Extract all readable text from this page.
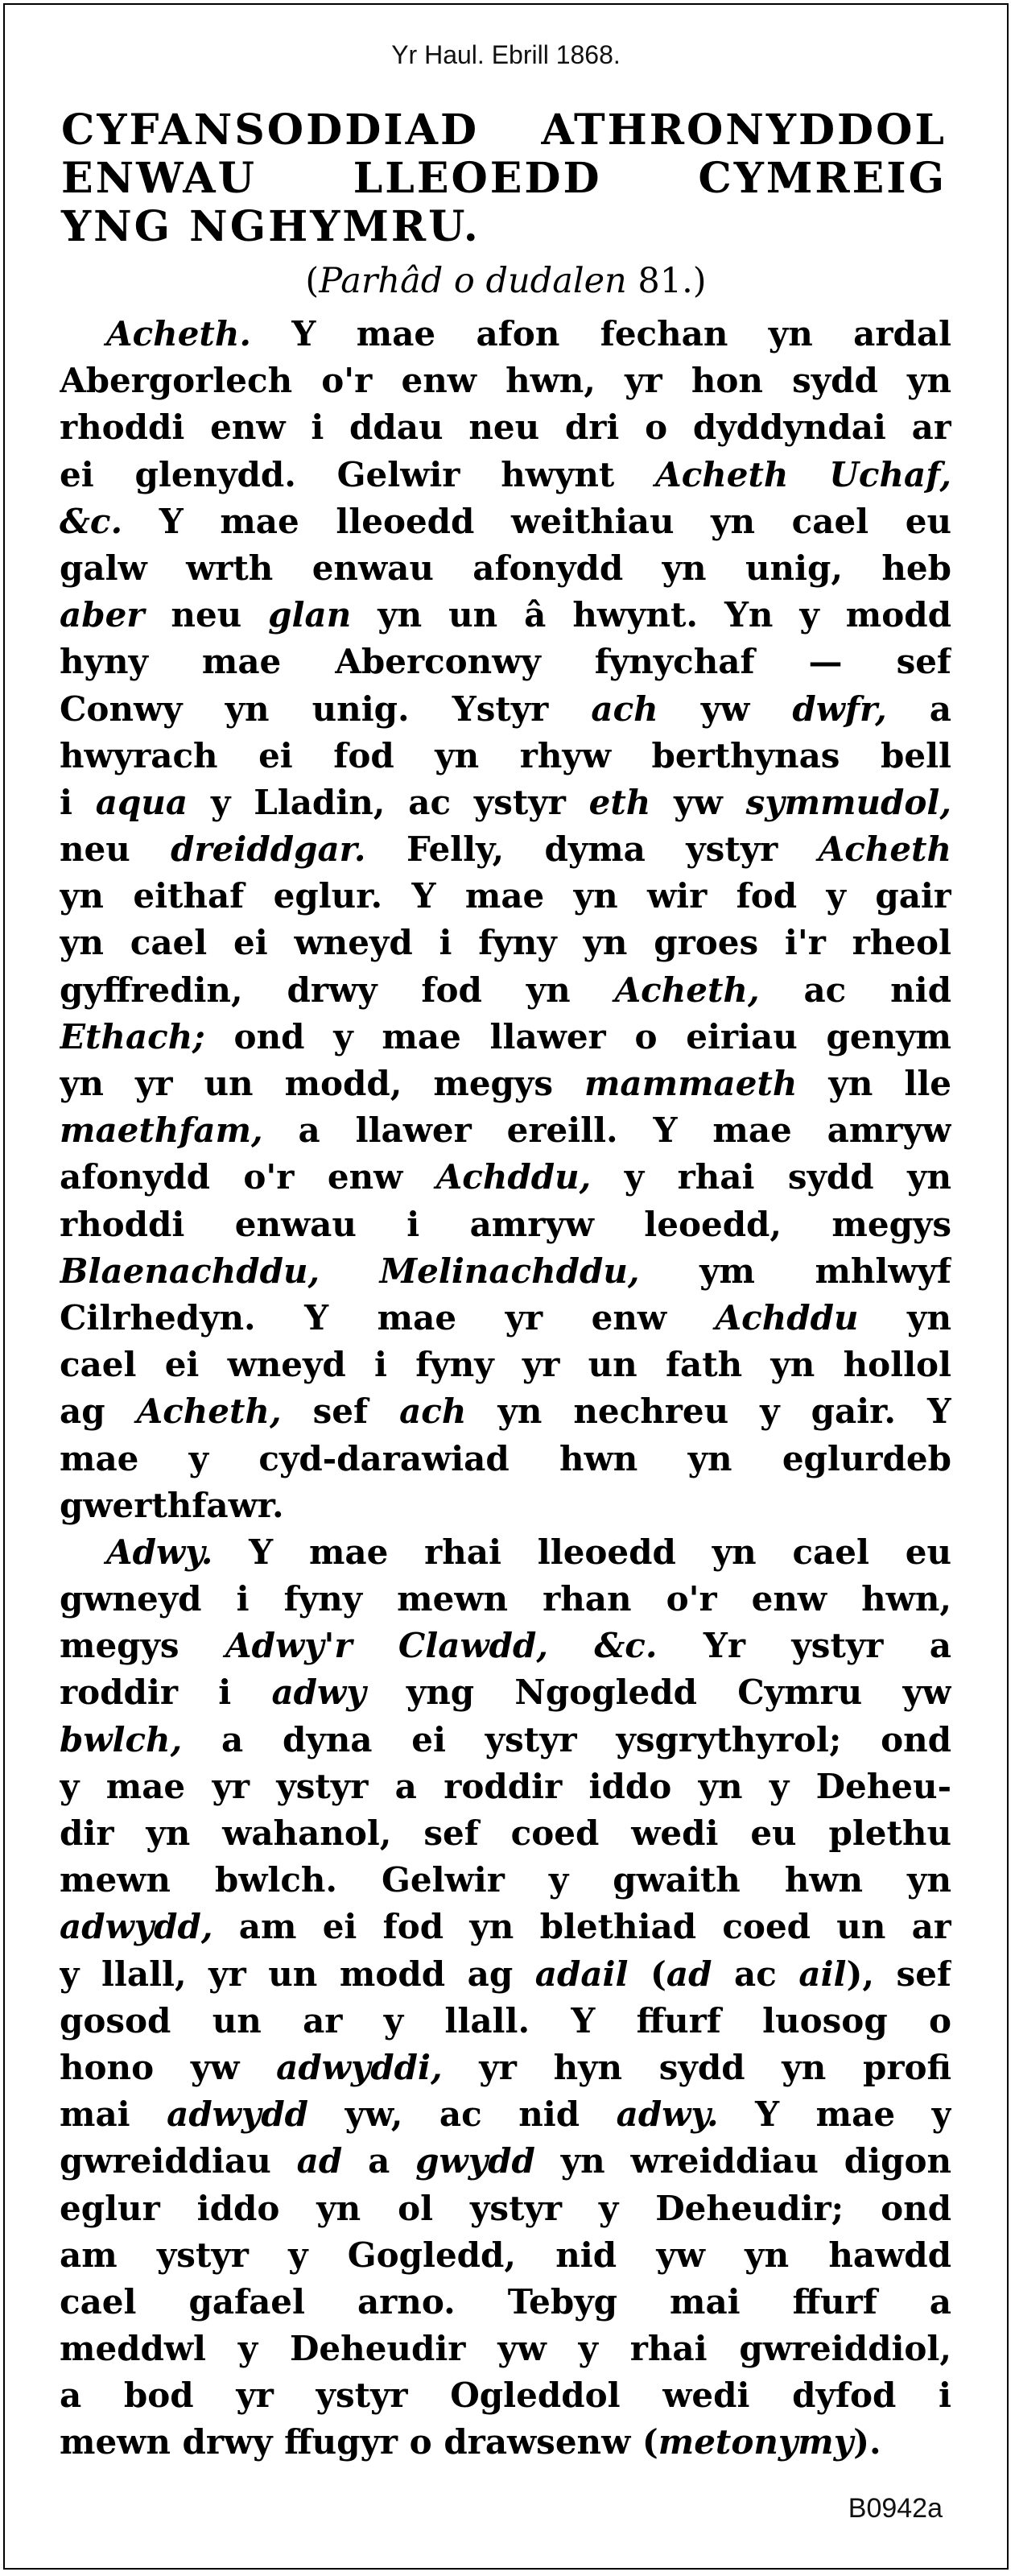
Yr Haul. Ebrill 1868.
CYFANSODDIAD ATHRONYDDOL
ENWAU LLEOEDD CYMREIG
YNG NGHYMRU.
(Parhâd o dudalen 81.)
Acheth. Y mae afon fechan yn ardal
Abergorlech o'r enw hwn, yr hon sydd yn
rhoddi enw i ddau neu dri o dyddyndai ar
ei glenydd. Gelwir hwynt Acheth Uchaf,
&c. Y mae lleoedd weithiau yn cael eu
galw wrth enwau afonydd yn unig, heb
aber neu glan yn un â hwynt. Yn y modd
hyny mae Aberconwy fynychaf — sef
Conwy yn unig. Ystyr ach yw dwfr, a
hwyrach ei fod yn rhyw berthynas bell
i aqua y Lladin, ac ystyr eth yw symmudol,
neu dreiddgar. Felly, dyma ystyr Acheth
yn eithaf eglur. Y mae yn wir fod y gair
yn cael ei wneyd i fyny yn groes i'r rheol
gyffredin, drwy fod yn Acheth, ac nid
Ethach; ond y mae llawer o eiriau genym
yn yr un modd, megys mammaeth yn lle
maethfam, a llawer ereill. Y mae amryw
afonydd o'r enw Achddu, y rhai sydd yn
rhoddi enwau i amryw leoedd, megys
Blaenachddu, Melinachddu, ym mhlwyf
Cilrhedyn. Y mae yr enw Achddu yn
cael ei wneyd i fyny yr un fath yn hollol
ag Acheth, sef ach yn nechreu y gair. Y
mae y cyd-darawiad hwn yn eglurdeb
gwerthfawr.
Adwy. Y mae rhai lleoedd yn cael eu
gwneyd i fyny mewn rhan o'r enw hwn,
megys Adwy'r Clawdd, &c. Yr ystyr a
roddir i adwy yng Ngogledd Cymru yw
bwlch, a dyna ei ystyr ysgrythyrol; ond
y mae yr ystyr a roddir iddo yn y Deheu-
dir yn wahanol, sef coed wedi eu plethu
mewn bwlch. Gelwir y gwaith hwn yn
adwydd, am ei fod yn blethiad coed un ar
y llall, yr un modd ag adail (ad ac ail), sef
gosod un ar y llall. Y ffurf luosog o
hono yw adwyddi, yr hyn sydd yn profi
mai adwydd yw, ac nid adwy. Y mae y
gwreiddiau ad a gwydd yn wreiddiau digon
eglur iddo yn ol ystyr y Deheudir; ond
am ystyr y Gogledd, nid yw yn hawdd
cael gafael arno. Tebyg mai ffurf a
meddwl y Deheudir yw y rhai gwreiddiol,
a bod yr ystyr Ogleddol wedi dyfod i
mewn drwy ffugyr o drawsenw (metonymy).
B0942a
